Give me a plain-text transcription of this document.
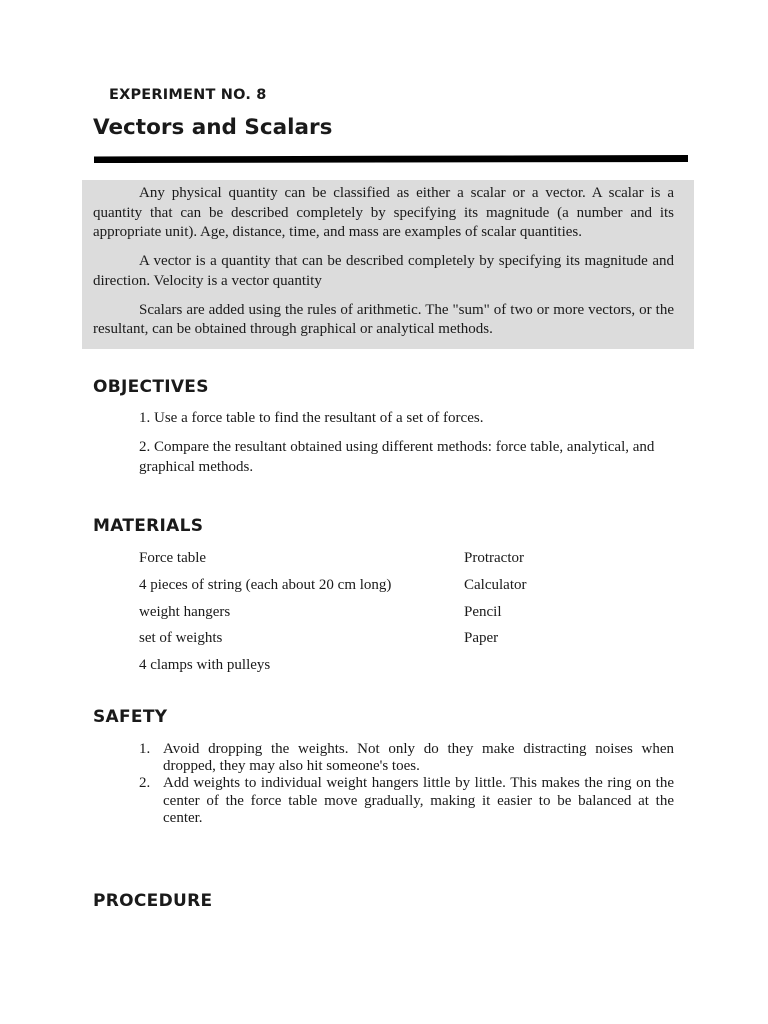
EXPERIMENT NO. 8
Vectors and Scalars

Any physical quantity can be classified as either a scalar or a vector. A scalar is a quantity that can be described completely by specifying its magnitude (a number and its appropriate unit). Age, distance, time, and mass are examples of scalar quantities.

A vector is a quantity that can be described completely by specifying its magnitude and direction. Velocity is a vector quantity

Scalars are added using the rules of arithmetic. The "sum" of two or more vectors, or the resultant, can be obtained through graphical or analytical methods.

OBJECTIVES
1. Use a force table to find the resultant of a set of forces.
2. Compare the resultant obtained using different methods: force table, analytical, and graphical methods.
MATERIALS
Force table
4 pieces of string (each about 20 cm long)
weight hangers
set of weights
4 clamps with pulleys
Protractor
Calculator
Pencil
Paper
SAFETY
1. Avoid dropping the weights. Not only do they make distracting noises when dropped, they may also hit someone's toes.
2. Add weights to individual weight hangers little by little. This makes the ring on the center of the force table move gradually, making it easier to be balanced at the center.
PROCEDURE
